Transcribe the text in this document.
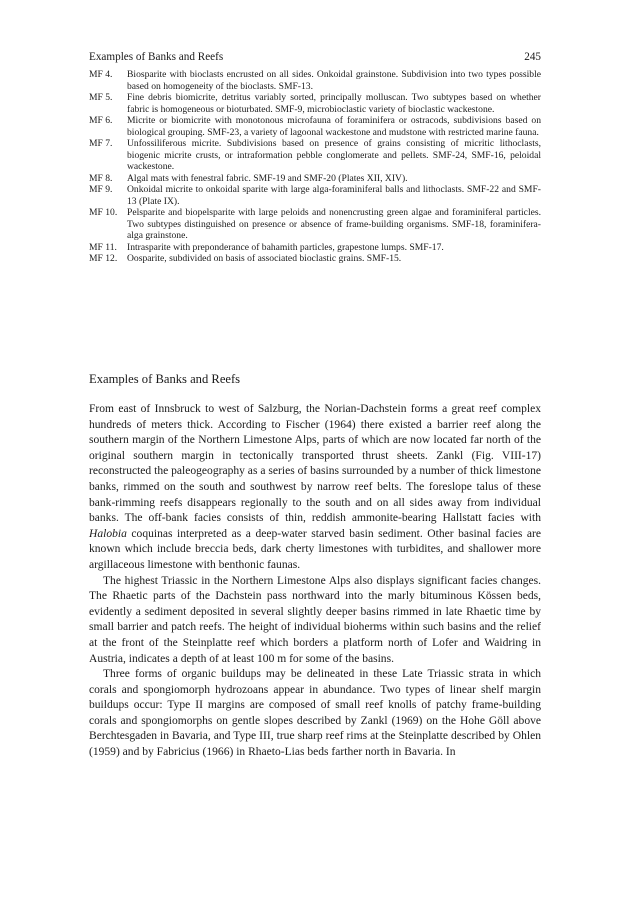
Examples of Banks and Reefs	245
MF 4.	Biosparite with bioclasts encrusted on all sides. Onkoidal grainstone. Subdivision into two types possible based on homogeneity of the bioclasts. SMF-13.
MF 5.	Fine debris biomicrite, detritus variably sorted, principally molluscan. Two subtypes based on whether fabric is homogeneous or bioturbated. SMF-9, microbioclastic variety of bioclastic wackestone.
MF 6.	Micrite or biomicrite with monotonous microfauna of foraminifera or ostracods, subdivisions based on biological grouping. SMF-23, a variety of lagoonal wackestone and mudstone with restricted marine fauna.
MF 7.	Unfossiliferous micrite. Subdivisions based on presence of grains consisting of micritic lithoclasts, biogenic micrite crusts, or intraformation pebble conglomerate and pellets. SMF-24, SMF-16, peloidal wackestone.
MF 8.	Algal mats with fenestral fabric. SMF-19 and SMF-20 (Plates XII, XIV).
MF 9.	Onkoidal micrite to onkoidal sparite with large alga-foraminiferal balls and lithoclasts. SMF-22 and SMF-13 (Plate IX).
MF 10.	Pelsparite and biopelsparite with large peloids and nonencrusting green algae and foraminiferal particles. Two subtypes distinguished on presence or absence of frame-building organisms. SMF-18, foraminifera-alga grainstone.
MF 11.	Intrasparite with preponderance of bahamith particles, grapestone lumps. SMF-17.
MF 12.	Oosparite, subdivided on basis of associated bioclastic grains. SMF-15.
Examples of Banks and Reefs

From east of Innsbruck to west of Salzburg, the Norian-Dachstein forms a great reef complex hundreds of meters thick. According to Fischer (1964) there existed a barrier reef along the southern margin of the Northern Limestone Alps, parts of which are now located far north of the original southern margin in tectonically transported thrust sheets. Zankl (Fig. VIII-17) reconstructed the paleogeography as a series of basins surrounded by a number of thick limestone banks, rimmed on the south and southwest by narrow reef belts. The foreslope talus of these bank-rimming reefs disappears regionally to the south and on all sides away from individual banks. The off-bank facies consists of thin, reddish ammonite-bearing Hallstatt facies with Halobia coquinas interpreted as a deep-water starved basin sediment. Other basinal facies are known which include breccia beds, dark cherty limestones with turbidites, and shallower more argillaceous limestone with benthonic faunas.

The highest Triassic in the Northern Limestone Alps also displays significant facies changes. The Rhaetic parts of the Dachstein pass northward into the marly bituminous Kössen beds, evidently a sediment deposited in several slightly deeper basins rimmed in late Rhaetic time by small barrier and patch reefs. The height of individual bioherms within such basins and the relief at the front of the Steinplatte reef which borders a platform north of Lofer and Waidring in Austria, indicates a depth of at least 100 m for some of the basins.

Three forms of organic buildups may be delineated in these Late Triassic strata in which corals and spongiomorph hydrozoans appear in abundance. Two types of linear shelf margin buildups occur: Type II margins are composed of small reef knolls of patchy frame-building corals and spongiomorphs on gentle slopes described by Zankl (1969) on the Hohe Göll above Berchtesgaden in Bavaria, and Type III, true sharp reef rims at the Steinplatte described by Ohlen (1959) and by Fabricius (1966) in Rhaeto-Lias beds farther north in Bavaria. In
